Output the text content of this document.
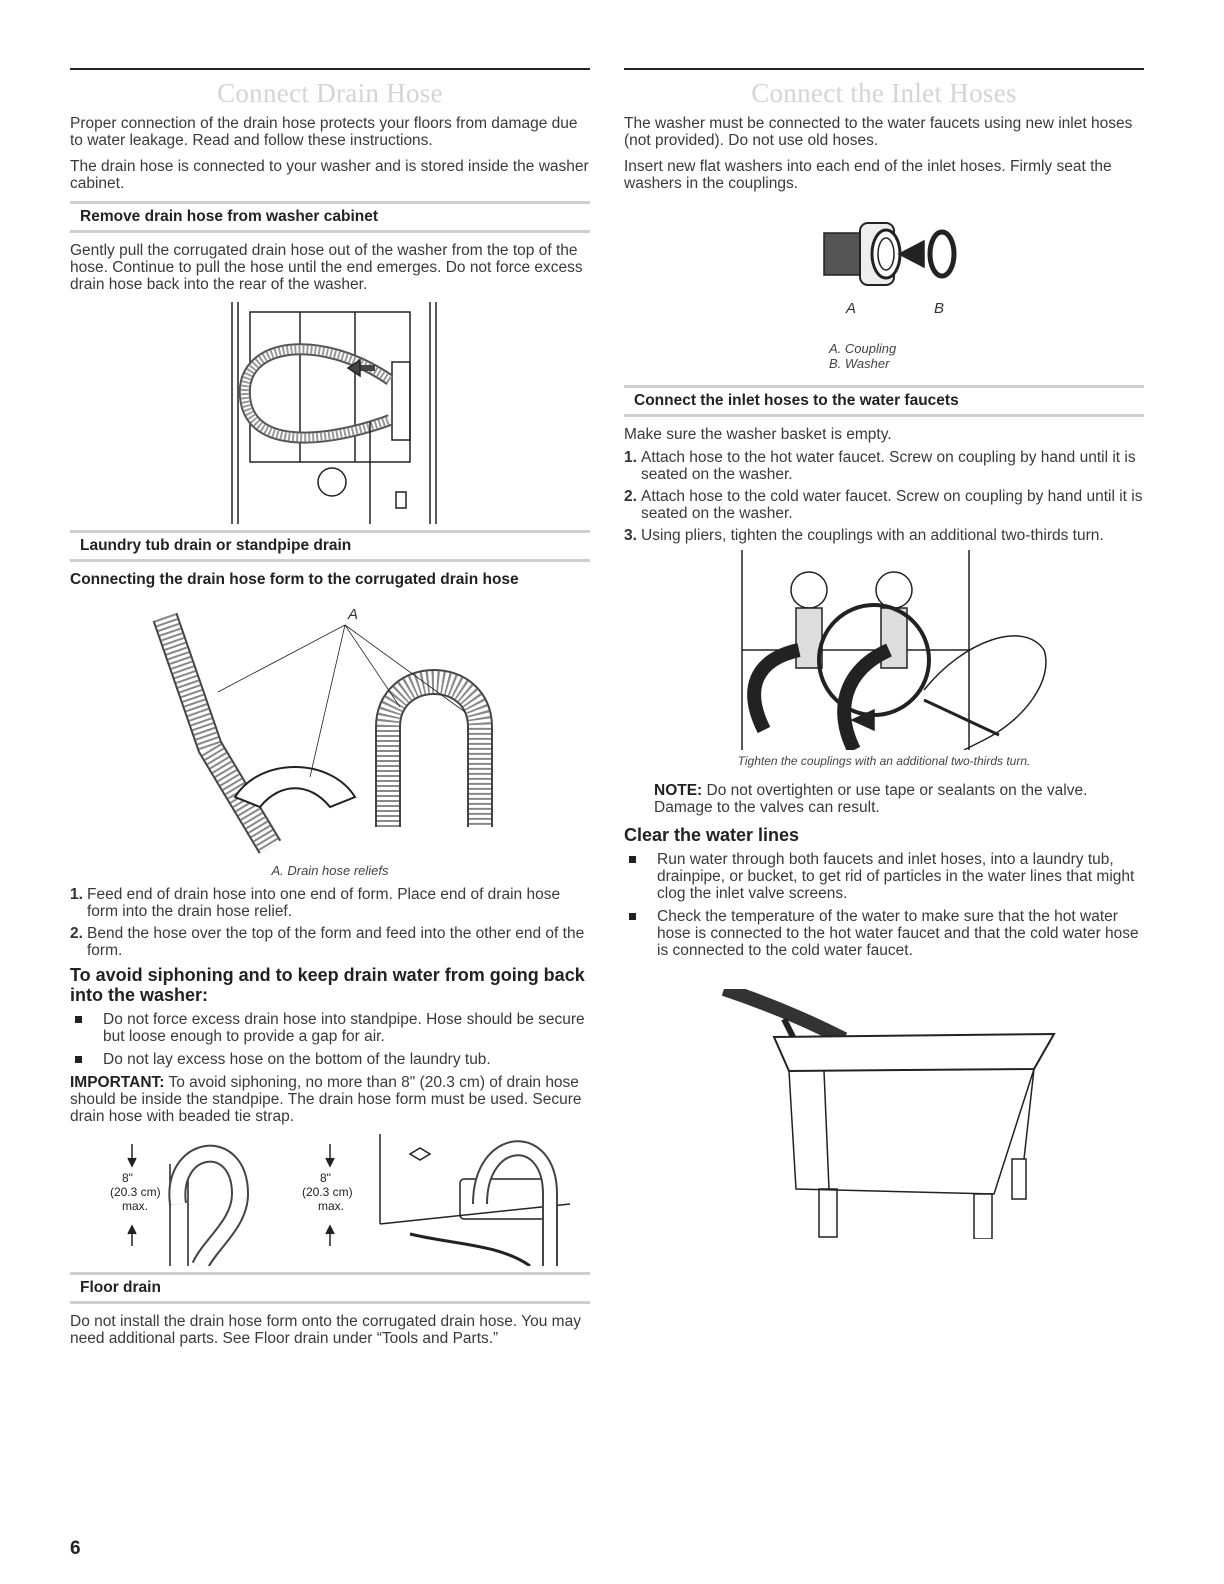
Connect Drain Hose

Proper connection of the drain hose protects your floors from damage due to water leakage. Read and follow these instructions.

The drain hose is connected to your washer and is stored inside the washer cabinet.

Remove drain hose from washer cabinet

Gently pull the corrugated drain hose out of the washer from the top of the hose. Continue to pull the hose until the end emerges. Do not force excess drain hose back into the rear of the washer.

Laundry tub drain or standpipe drain
Connecting the drain hose form to the corrugated drain hose
A
A. Drain hose reliefs
1. Feed end of drain hose into one end of form. Place end of drain hose form into the drain hose relief.
2. Bend the hose over the top of the form and feed into the other end of the form.
To avoid siphoning and to keep drain water from going back into the washer:
Do not force excess drain hose into standpipe. Hose should be secure but loose enough to provide a gap for air.
Do not lay excess hose on the bottom of the laundry tub.

IMPORTANT: To avoid siphoning, no more than 8" (20.3 cm) of drain hose should be inside the standpipe. The drain hose form must be used. Secure drain hose with beaded tie strap.

8"
(20.3 cm)
max.
8"
(20.3 cm)
max.
Floor drain

Do not install the drain hose form onto the corrugated drain hose. You may need additional parts. See Floor drain under “Tools and Parts.”

Connect the Inlet Hoses

The washer must be connected to the water faucets using new inlet hoses (not provided). Do not use old hoses.

Insert new flat washers into each end of the inlet hoses. Firmly seat the washers in the couplings.

A	B
A. Coupling
B. Washer
Connect the inlet hoses to the water faucets

Make sure the washer basket is empty.

1. Attach hose to the hot water faucet. Screw on coupling by hand until it is seated on the washer.
2. Attach hose to the cold water faucet. Screw on coupling by hand until it is seated on the washer.
3. Using pliers, tighten the couplings with an additional two-thirds turn.
Tighten the couplings with an additional two-thirds turn.

NOTE: Do not overtighten or use tape or sealants on the valve. Damage to the valves can result.

Clear the water lines
Run water through both faucets and inlet hoses, into a laundry tub, drainpipe, or bucket, to get rid of particles in the water lines that might clog the inlet valve screens.
Check the temperature of the water to make sure that the hot water hose is connected to the hot water faucet and that the cold water hose is connected to the cold water faucet.
6
